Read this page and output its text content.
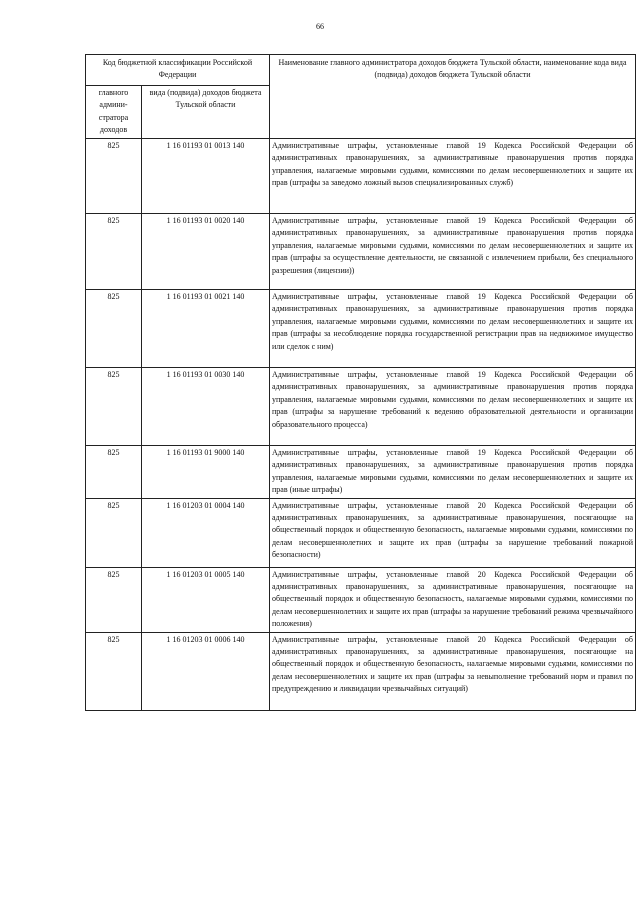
66
Код бюджетной классификации Российской Федерации		Наименование главного администратора доходов бюджета Тульской области, наименование кода вида (подвида) доходов бюджета Тульской области
главного админи-стратора доходов	вида (подвида) доходов бюджета Тульской области	
825	1 16 01193 01 0013 140	Административные штрафы, установленные главой 19 Кодекса Российской Федерации об административных правонарушениях, за административные правонарушения против порядка управления, налагаемые мировыми судьями, комиссиями по делам несовершеннолетних и защите их прав (штрафы за заведомо ложный вызов специализированных служб)
825	1 16 01193 01 0020 140	Административные штрафы, установленные главой 19 Кодекса Российской Федерации об административных правонарушениях, за административные правонарушения против порядка управления, налагаемые мировыми судьями, комиссиями по делам несовершеннолетних и защите их прав (штрафы за осуществление деятельности, не связанной с извлечением прибыли, без специального разрешения (лицензии))
825	1 16 01193 01 0021 140	Административные штрафы, установленные главой 19 Кодекса Российской Федерации об административных правонарушениях, за административные правонарушения против порядка управления, налагаемые мировыми судьями, комиссиями по делам несовершеннолетних и защите их прав (штрафы за несоблюдение порядка государственной регистрации прав на недвижимое имущество или сделок с ним)
825	1 16 01193 01 0030 140	Административные штрафы, установленные главой 19 Кодекса Российской Федерации об административных правонарушениях, за административные правонарушения против порядка управления, налагаемые мировыми судьями, комиссиями по делам несовершеннолетних и защите их прав (штрафы за нарушение требований к ведению образовательной деятельности и организации образовательного процесса)
825	1 16 01193 01 9000 140	Административные штрафы, установленные главой 19 Кодекса Российской Федерации об административных правонарушениях, за административные правонарушения против порядка управления, налагаемые мировыми судьями, комиссиями по делам несовершеннолетних и защите их прав (иные штрафы)
825	1 16 01203 01 0004 140	Административные штрафы, установленные главой 20 Кодекса Российской Федерации об административных правонарушениях, за административные правонарушения, посягающие на общественный порядок и общественную безопасность, налагаемые мировыми судьями, комиссиями по делам несовершеннолетних и защите их прав (штрафы за нарушение требований пожарной безопасности)
825	1 16 01203 01 0005 140	Административные штрафы, установленные главой 20 Кодекса Российской Федерации об административных правонарушениях, за административные правонарушения, посягающие на общественный порядок и общественную безопасность, налагаемые мировыми судьями, комиссиями по делам несовершеннолетних и защите их прав (штрафы за нарушение требований режима чрезвычайного положения)
825	1 16 01203 01 0006 140	Административные штрафы, установленные главой 20 Кодекса Российской Федерации об административных правонарушениях, за административные правонарушения, посягающие на общественный порядок и общественную безопасность, налагаемые мировыми судьями, комиссиями по делам несовершеннолетних и защите их прав (штрафы за невыполнение требований норм и правил по предупреждению и ликвидации чрезвычайных ситуаций)
